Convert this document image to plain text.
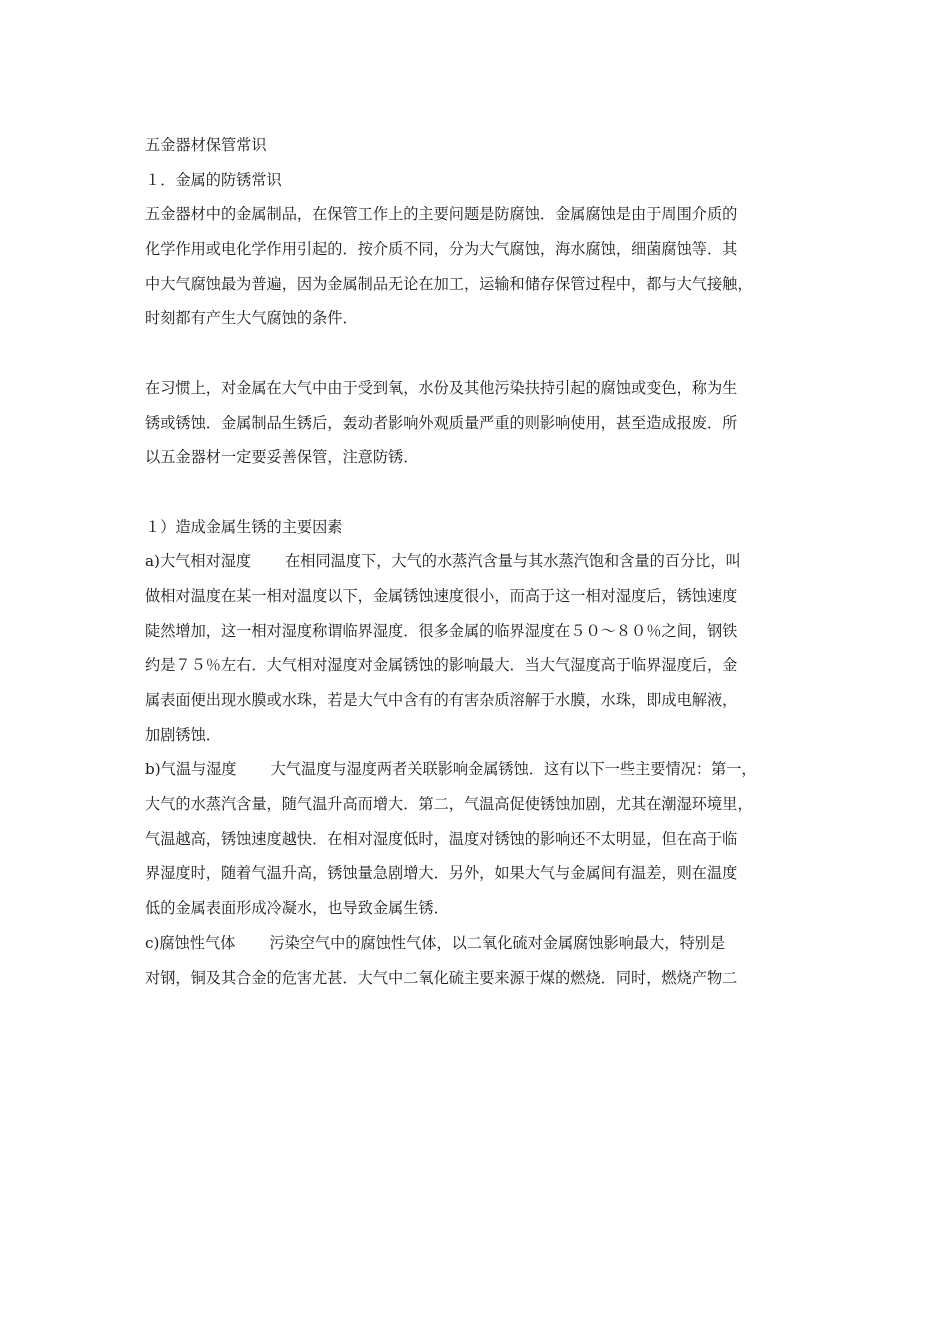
五金器材保管常识
１．金属的防锈常识
五金器材中的金属制品，在保管工作上的主要问题是防腐蚀．金属腐蚀是由于周围介质的
化学作用或电化学作用引起的．按介质不同，分为大气腐蚀，海水腐蚀，细菌腐蚀等．其
中大气腐蚀最为普遍，因为金属制品无论在加工，运输和储存保管过程中，都与大气接触，
时刻都有产生大气腐蚀的条件．
在习惯上，对金属在大气中由于受到氧，水份及其他污染扶持引起的腐蚀或变色，称为生
锈或锈蚀．金属制品生锈后，轰动者影响外观质量严重的则影响使用，甚至造成报废．所
以五金器材一定要妥善保管，注意防锈．
１）造成金属生锈的主要因素
a)大气相对湿度 在相同温度下，大气的水蒸汽含量与其水蒸汽饱和含量的百分比，叫
做相对温度在某一相对温度以下，金属锈蚀速度很小，而高于这一相对湿度后，锈蚀速度
陡然增加，这一相对湿度称谓临界湿度．很多金属的临界湿度在５０～８０％之间，钢铁
约是７５％左右．大气相对湿度对金属锈蚀的影响最大．当大气湿度高于临界湿度后，金
属表面便出现水膜或水珠，若是大气中含有的有害杂质溶解于水膜，水珠，即成电解液，
加剧锈蚀．
b)气温与湿度 大气温度与湿度两者关联影响金属锈蚀．这有以下一些主要情况：第一，
大气的水蒸汽含量，随气温升高而增大．第二，气温高促使锈蚀加剧，尤其在潮湿环境里，
气温越高，锈蚀速度越快．在相对湿度低时，温度对锈蚀的影响还不太明显，但在高于临
界湿度时，随着气温升高，锈蚀量急剧增大．另外，如果大气与金属间有温差，则在温度
低的金属表面形成冷凝水，也导致金属生锈．
c)腐蚀性气体 污染空气中的腐蚀性气体，以二氧化硫对金属腐蚀影响最大，特别是
对钢，铜及其合金的危害尤甚．大气中二氧化硫主要来源于煤的燃烧．同时，燃烧产物二
